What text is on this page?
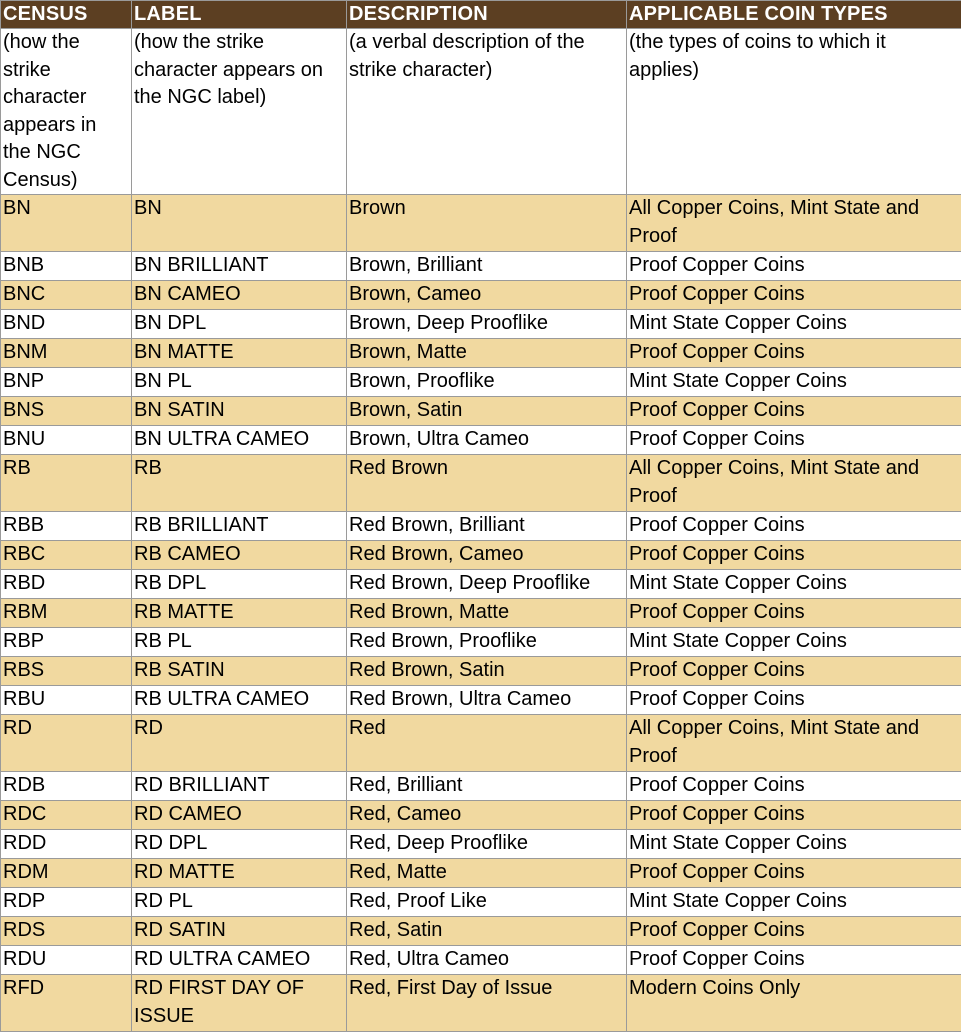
CENSUS	LABEL	DESCRIPTION	APPLICABLE COIN TYPES
(how the strike character appears in the NGC Census)	(how the strike character appears on the NGC label)	(a verbal description of the strike character)	(the types of coins to which it applies)
BN	BN	Brown	All Copper Coins, Mint State and Proof
BNB	BN BRILLIANT	Brown, Brilliant	Proof Copper Coins
BNC	BN CAMEO	Brown, Cameo	Proof Copper Coins
BND	BN DPL	Brown, Deep Prooflike	Mint State Copper Coins
BNM	BN MATTE	Brown, Matte	Proof Copper Coins
BNP	BN PL	Brown, Prooflike	Mint State Copper Coins
BNS	BN SATIN	Brown, Satin	Proof Copper Coins
BNU	BN ULTRA CAMEO	Brown, Ultra Cameo	Proof Copper Coins
RB	RB	Red Brown	All Copper Coins, Mint State and Proof
RBB	RB BRILLIANT	Red Brown, Brilliant	Proof Copper Coins
RBC	RB CAMEO	Red Brown, Cameo	Proof Copper Coins
RBD	RB DPL	Red Brown, Deep Prooflike	Mint State Copper Coins
RBM	RB MATTE	Red Brown, Matte	Proof Copper Coins
RBP	RB PL	Red Brown, Prooflike	Mint State Copper Coins
RBS	RB SATIN	Red Brown, Satin	Proof Copper Coins
RBU	RB ULTRA CAMEO	Red Brown, Ultra Cameo	Proof Copper Coins
RD	RD	Red	All Copper Coins, Mint State and Proof
RDB	RD BRILLIANT	Red, Brilliant	Proof Copper Coins
RDC	RD CAMEO	Red, Cameo	Proof Copper Coins
RDD	RD DPL	Red, Deep Prooflike	Mint State Copper Coins
RDM	RD MATTE	Red, Matte	Proof Copper Coins
RDP	RD PL	Red, Proof Like	Mint State Copper Coins
RDS	RD SATIN	Red, Satin	Proof Copper Coins
RDU	RD ULTRA CAMEO	Red, Ultra Cameo	Proof Copper Coins
RFD	RD FIRST DAY OF ISSUE	Red, First Day of Issue	Modern Coins Only
